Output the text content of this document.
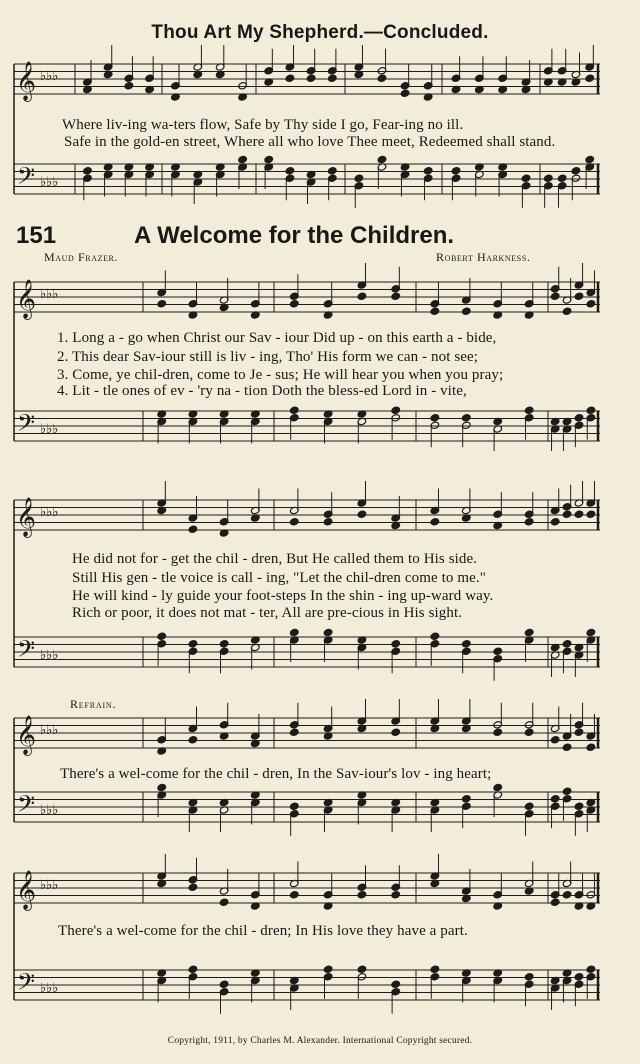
𝄞
𝄢
♭♭♭
♭♭♭
𝄞
𝄢
♭♭♭
♭♭♭
𝄞
𝄢
♭♭♭
♭♭♭
𝄞
𝄢
♭♭♭
♭♭♭
𝄞
𝄢
♭♭♭
♭♭♭
Thou Art My Shepherd.—Concluded.
Where liv-ing wa-ters flow, Safe by Thy side I go, Fear-ing no ill.
Safe in the gold-en street, Where all who love Thee meet, Redeemed shall stand.
151	A Welcome for the Children.
Maud Frazer.	Robert Harkness.
1. Long a - go when Christ our Sav - iour Did up - on this earth a - bide,
2. This dear Sav-iour still is liv - ing, Tho' His form we can - not see;
3. Come, ye chil-dren, come to Je - sus; He will hear you when you pray;
4. Lit - tle ones of ev - 'ry na - tion Doth the bless-ed Lord in - vite,
He did not for - get the chil - dren, But He called them to His side.
Still His gen - tle voice is call - ing, "Let the chil-dren come to me."
He will kind - ly guide your foot-steps In the shin - ing up-ward way.
Rich or poor, it does not mat - ter, All are pre-cious in His sight.
Refrain.
There's a wel-come for the chil - dren, In the Sav-iour's lov - ing heart;
There's a wel-come for the chil - dren; In His love they have a part.
Copyright, 1911, by Charles M. Alexander. International Copyright secured.
